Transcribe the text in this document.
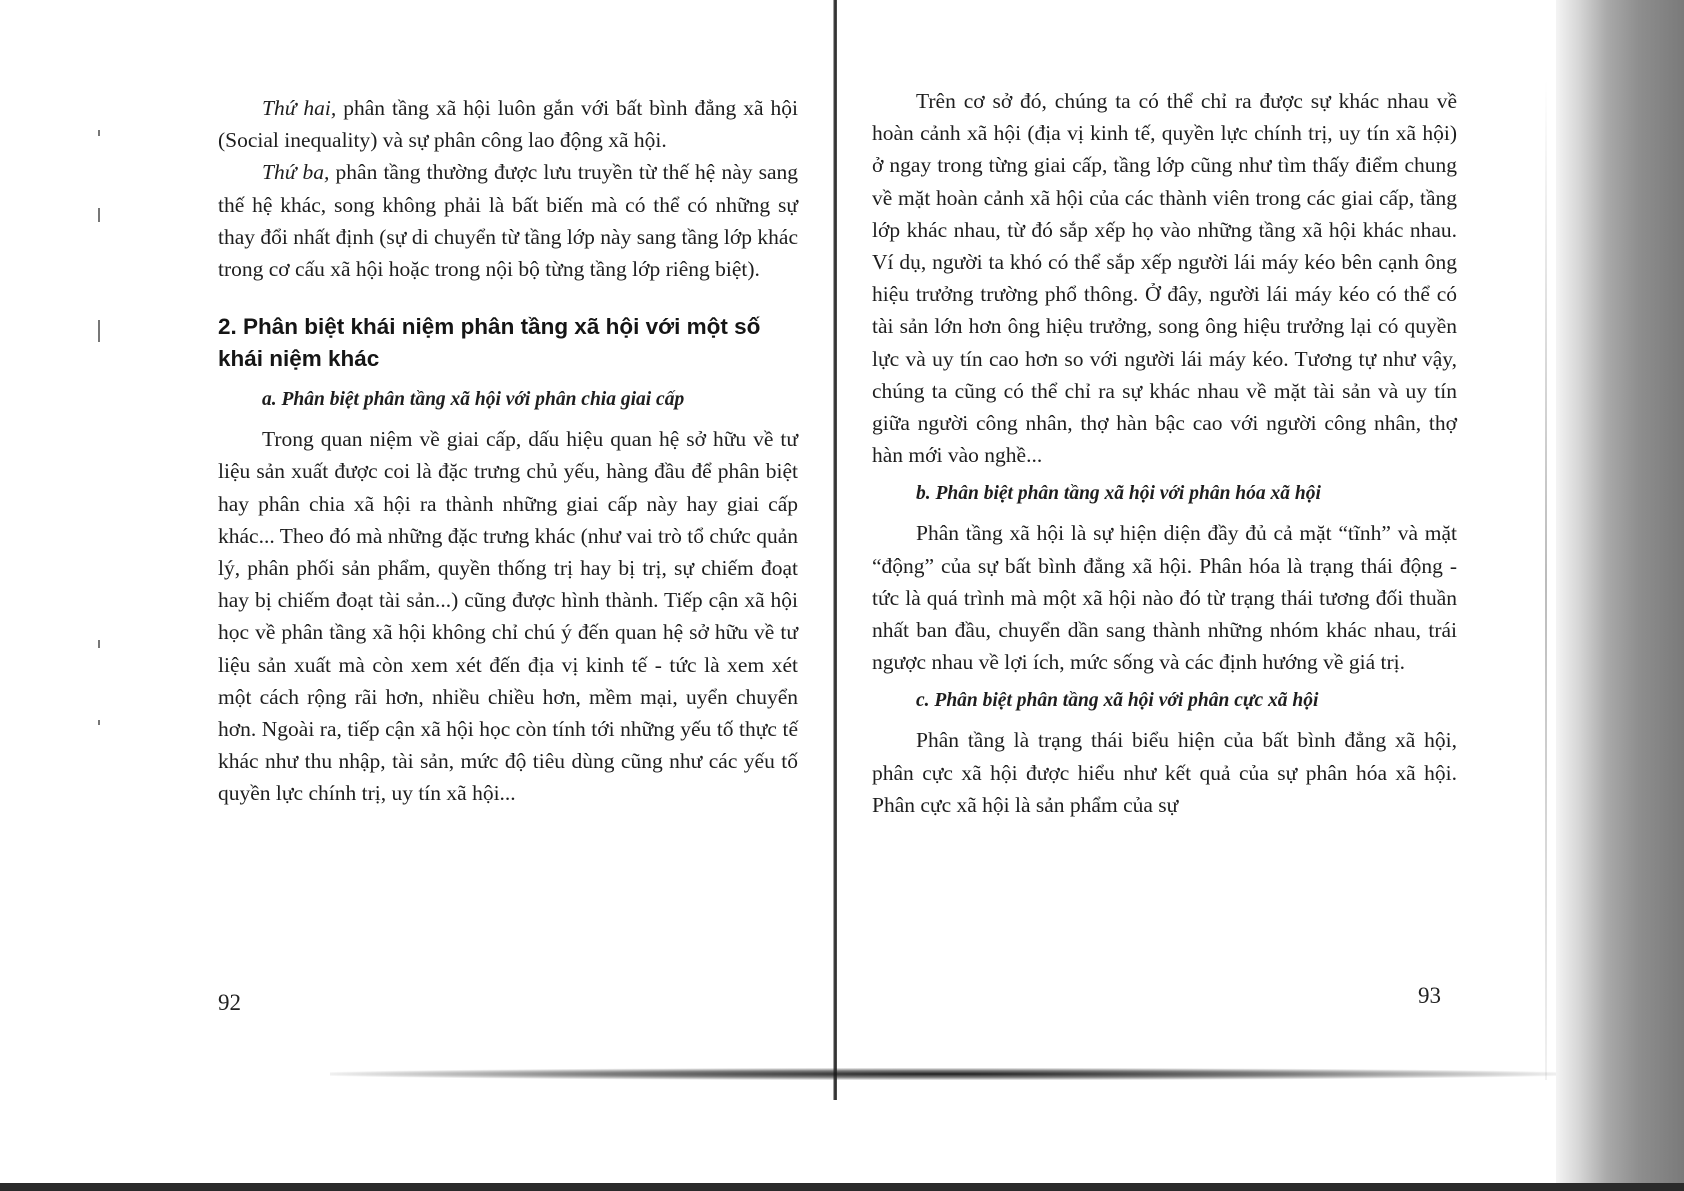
Thứ hai, phân tầng xã hội luôn gắn với bất bình đẳng xã hội (Social inequality) và sự phân công lao động xã hội.

Thứ ba, phân tầng thường được lưu truyền từ thế hệ này sang thế hệ khác, song không phải là bất biến mà có thể có những sự thay đổi nhất định (sự di chuyển từ tầng lớp này sang tầng lớp khác trong cơ cấu xã hội hoặc trong nội bộ từng tầng lớp riêng biệt).

2. Phân biệt khái niệm phân tầng xã hội với một số khái niệm khác
a. Phân biệt phân tầng xã hội với phân chia giai cấp

Trong quan niệm về giai cấp, dấu hiệu quan hệ sở hữu về tư liệu sản xuất được coi là đặc trưng chủ yếu, hàng đầu để phân biệt hay phân chia xã hội ra thành những giai cấp này hay giai cấp khác... Theo đó mà những đặc trưng khác (như vai trò tổ chức quản lý, phân phối sản phẩm, quyền thống trị hay bị trị, sự chiếm đoạt hay bị chiếm đoạt tài sản...) cũng được hình thành. Tiếp cận xã hội học về phân tầng xã hội không chỉ chú ý đến quan hệ sở hữu về tư liệu sản xuất mà còn xem xét đến địa vị kinh tế - tức là xem xét một cách rộng rãi hơn, nhiều chiều hơn, mềm mại, uyển chuyển hơn. Ngoài ra, tiếp cận xã hội học còn tính tới những yếu tố thực tế khác như thu nhập, tài sản, mức độ tiêu dùng cũng như các yếu tố quyền lực chính trị, uy tín xã hội...

92

Trên cơ sở đó, chúng ta có thể chỉ ra được sự khác nhau về hoàn cảnh xã hội (địa vị kinh tế, quyền lực chính trị, uy tín xã hội) ở ngay trong từng giai cấp, tầng lớp cũng như tìm thấy điểm chung về mặt hoàn cảnh xã hội của các thành viên trong các giai cấp, tầng lớp khác nhau, từ đó sắp xếp họ vào những tầng xã hội khác nhau. Ví dụ, người ta khó có thể sắp xếp người lái máy kéo bên cạnh ông hiệu trưởng trường phổ thông. Ở đây, người lái máy kéo có thể có tài sản lớn hơn ông hiệu trưởng, song ông hiệu trưởng lại có quyền lực và uy tín cao hơn so với người lái máy kéo. Tương tự như vậy, chúng ta cũng có thể chỉ ra sự khác nhau về mặt tài sản và uy tín giữa người công nhân, thợ hàn bậc cao với người công nhân, thợ hàn mới vào nghề...

b. Phân biệt phân tầng xã hội với phân hóa xã hội

Phân tầng xã hội là sự hiện diện đầy đủ cả mặt “tĩnh” và mặt “động” của sự bất bình đẳng xã hội. Phân hóa là trạng thái động - tức là quá trình mà một xã hội nào đó từ trạng thái tương đối thuần nhất ban đầu, chuyển dần sang thành những nhóm khác nhau, trái ngược nhau về lợi ích, mức sống và các định hướng về giá trị.

c. Phân biệt phân tầng xã hội với phân cực xã hội

Phân tầng là trạng thái biểu hiện của bất bình đẳng xã hội, phân cực xã hội được hiểu như kết quả của sự phân hóa xã hội. Phân cực xã hội là sản phẩm của sự

93
